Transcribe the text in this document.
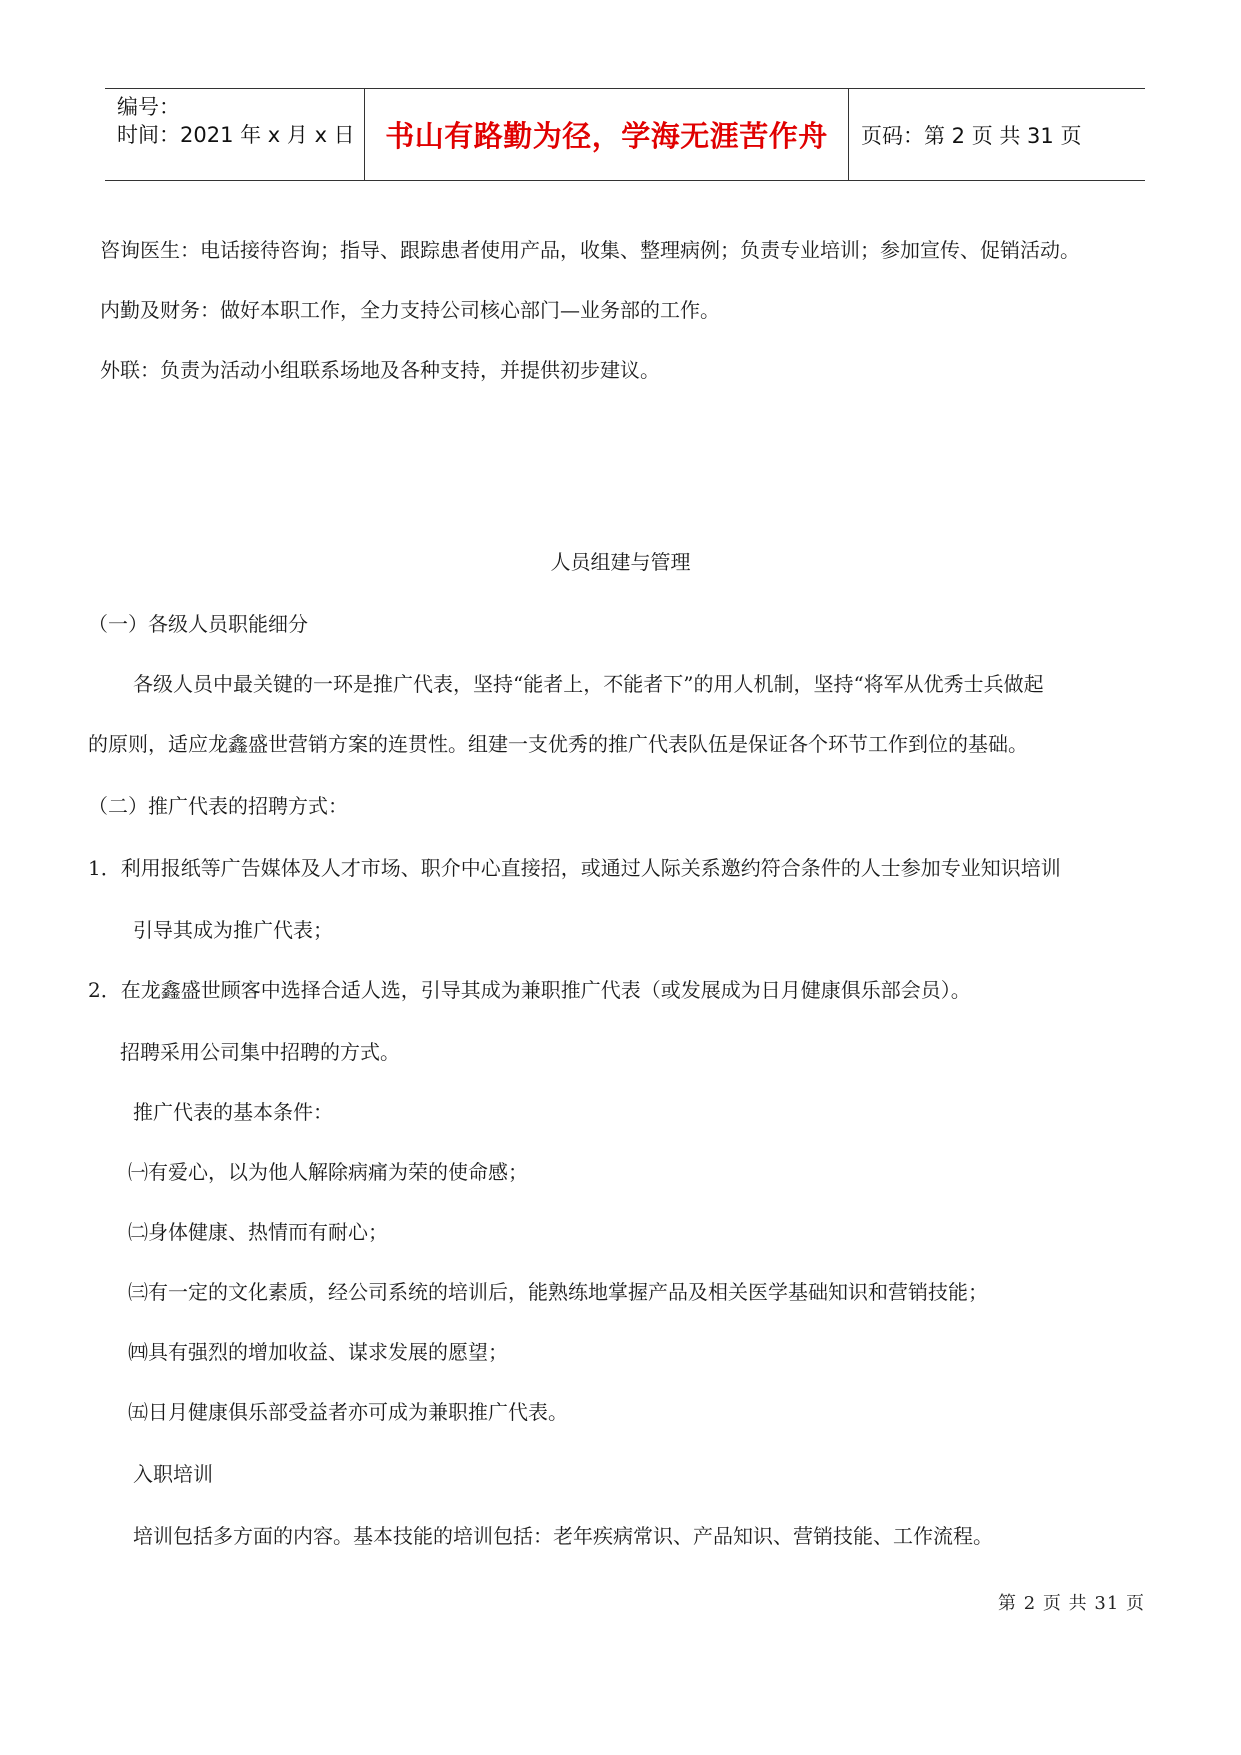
编号：
时间：2021 年 x 月 x 日	书山有路勤为径，学海无涯苦作舟	页码：第 2 页 共 31 页
咨询医生：电话接待咨询；指导、跟踪患者使用产品，收集、整理病例；负责专业培训；参加宣传、促销活动。
内勤及财务：做好本职工作，全力支持公司核心部门—业务部的工作。
外联：负责为活动小组联系场地及各种支持，并提供初步建议。
人员组建与管理
（一）各级人员职能细分
各级人员中最关键的一环是推广代表，坚持“能者上，不能者下”的用人机制，坚持“将军从优秀士兵做起
的原则，适应龙鑫盛世营销方案的连贯性。组建一支优秀的推广代表队伍是保证各个环节工作到位的基础。
（二）推广代表的招聘方式：
1．利用报纸等广告媒体及人才市场、职介中心直接招，或通过人际关系邀约符合条件的人士参加专业知识培训
引导其成为推广代表；
2．在龙鑫盛世顾客中选择合适人选，引导其成为兼职推广代表（或发展成为日月健康俱乐部会员）。
招聘采用公司集中招聘的方式。
推广代表的基本条件：
㈠有爱心，以为他人解除病痛为荣的使命感；
㈡身体健康、热情而有耐心；
㈢有一定的文化素质，经公司系统的培训后，能熟练地掌握产品及相关医学基础知识和营销技能；
㈣具有强烈的增加收益、谋求发展的愿望；
㈤日月健康俱乐部受益者亦可成为兼职推广代表。
入职培训
培训包括多方面的内容。基本技能的培训包括：老年疾病常识、产品知识、营销技能、工作流程。
第 2 页 共 31 页
